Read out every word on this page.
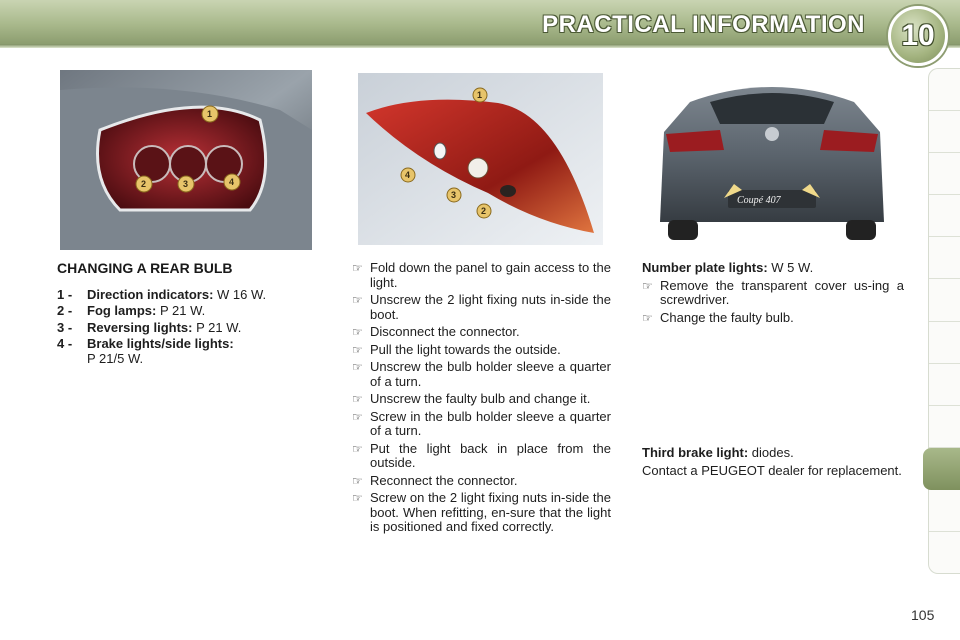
PRACTICAL INFORMATION 10
1
2	3	4
1
4
3
2
Coupé 407
CHANGING A REAR BULB
1 -	Direction indicators: W 16 W.
2 -	Fog lamps: P 21 W.
3 -	Reversing lights: P 21 W.
4 -	Brake lights/side lights:
P 21/5 W.
☞ Fold down the panel to gain access to the light.
☞ Unscrew the 2 light fixing nuts in-side the boot.
☞ Disconnect the connector.
☞ Pull the light towards the outside.
☞ Unscrew the bulb holder sleeve a quarter of a turn.
☞ Unscrew the faulty bulb and change it.
☞ Screw in the bulb holder sleeve a quarter of a turn.
☞ Put the light back in place from the outside.
☞ Reconnect the connector.
☞ Screw on the 2 light fixing nuts in-side the boot. When refitting, en-sure that the light is positioned and fixed correctly.
Number plate lights: W 5 W.
☞ Remove the transparent cover us-ing a screwdriver.
☞ Change the faulty bulb.
Third brake light: diodes.
Contact a PEUGEOT dealer for replacement.
105
